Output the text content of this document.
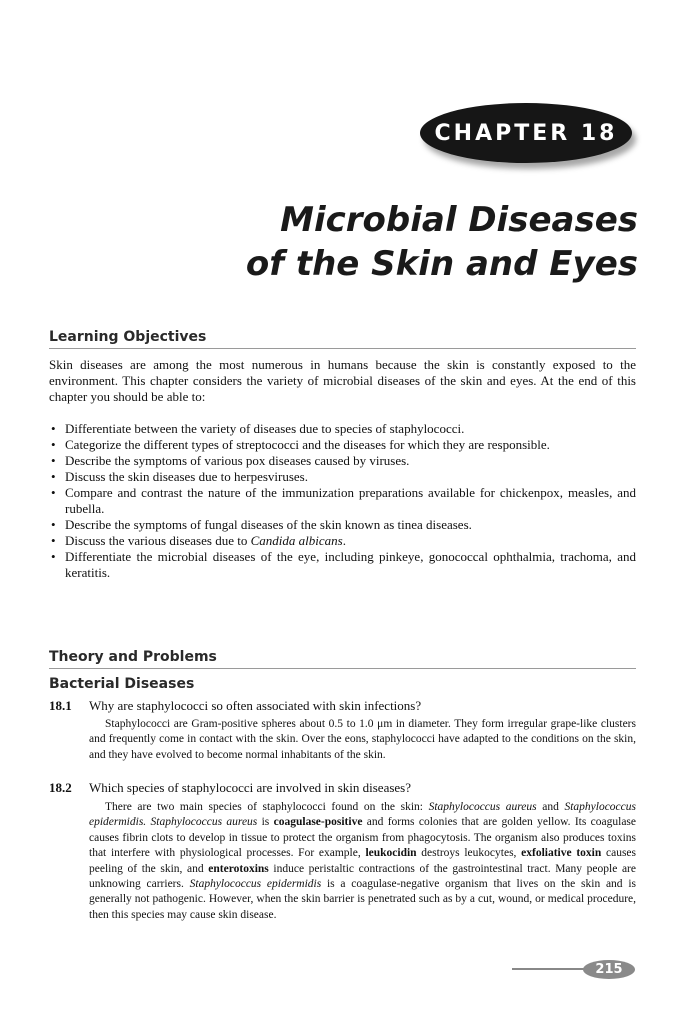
CHAPTER 18
Microbial Diseases
of the Skin and Eyes
Learning Objectives

Skin diseases are among the most numerous in humans because the skin is constantly exposed to the environment. This chapter considers the variety of microbial diseases of the skin and eyes. At the end of this chapter you should be able to:

• Differentiate between the variety of diseases due to species of staphylococci.
• Categorize the different types of streptococci and the diseases for which they are responsible.
• Describe the symptoms of various pox diseases caused by viruses.
• Discuss the skin diseases due to herpesviruses.
• Compare and contrast the nature of the immunization preparations available for chickenpox, measles, and rubella.
• Describe the symptoms of fungal diseases of the skin known as tinea diseases.
• Discuss the various diseases due to Candida albicans.
• Differentiate the microbial diseases of the eye, including pinkeye, gonococcal ophthalmia, trachoma, and keratitis.
Theory and Problems
Bacterial Diseases
18.1 Why are staphylococci so often associated with skin infections?

Staphylococci are Gram-positive spheres about 0.5 to 1.0 μm in diameter. They form irregular grape-like clusters and frequently come in contact with the skin. Over the eons, staphylococci have adapted to the conditions on the skin, and they have evolved to become normal inhabitants of the skin.

18.2 Which species of staphylococci are involved in skin diseases?

There are two main species of staphylococci found on the skin: Staphylococcus aureus and Staphylococcus epidermidis. Staphylococcus aureus is coagulase-positive and forms colonies that are golden yellow. Its coagulase causes fibrin clots to develop in tissue to protect the organism from phagocytosis. The organism also produces toxins that interfere with physiological processes. For example, leukocidin destroys leukocytes, exfoliative toxin causes peeling of the skin, and enterotoxins induce peristaltic contractions of the gastrointestinal tract. Many people are unknowing carriers. Staphylococcus epidermidis is a coagulase-negative organism that lives on the skin and is generally not pathogenic. However, when the skin barrier is penetrated such as by a cut, wound, or medical procedure, then this species may cause skin disease.

215
